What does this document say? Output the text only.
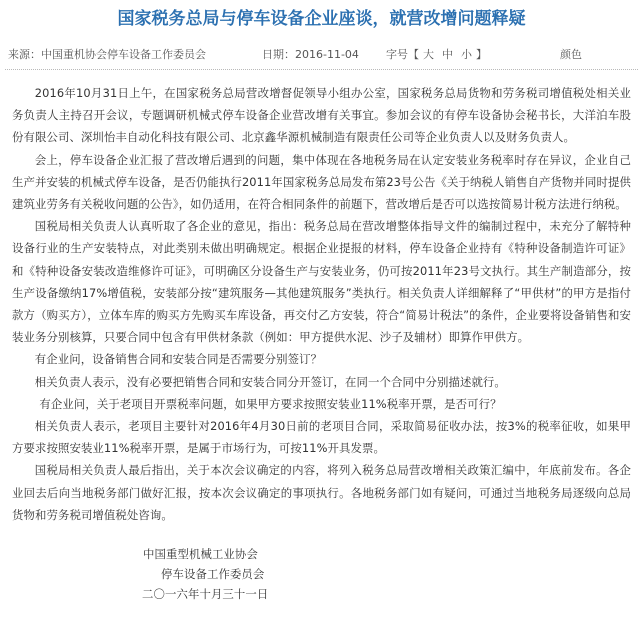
国家税务总局与停车设备企业座谈，就营改增问题释疑
来源：中国重机协会停车设备工作委员会	日期：2016-11-04 字号【 大 中 小 】	颜色

2016年10月31日上午，在国家税务总局营改增督促领导小组办公室，国家税务总局货物和劳务税司增值税处相关业务负责人主持召开会议，专题调研机械式停车设备企业营改增有关事宜。参加会议的有停车设备协会秘书长，大洋泊车股份有限公司、深圳怡丰自动化科技有限公司、北京鑫华源机械制造有限责任公司等企业负责人以及财务负责人。

会上，停车设备企业汇报了营改增后遇到的问题，集中体现在各地税务局在认定安装业务税率时存在异议，企业自己生产并安装的机械式停车设备，是否仍能执行2011年国家税务总局发布第23号公告《关于纳税人销售自产货物并同时提供建筑业劳务有关税收问题的公告》，如仍适用，在符合相同条件的前题下，营改增后是否可以选按简易计税方法进行纳税。

国税局相关负责人认真听取了各企业的意见，指出：税务总局在营改增整体指导文件的编制过程中，未充分了解特种设备行业的生产安装特点，对此类别未做出明确规定。根据企业提报的材料，停车设备企业持有《特种设备制造许可证》和《特种设备安装改造维修许可证》，可明确区分设备生产与安装业务，仍可按2011年23号文执行。其生产制造部分，按生产设备缴纳17%增值税，安装部分按“建筑服务—其他建筑服务”类执行。相关负责人详细解释了“甲供材”的甲方是指付款方（购买方），立体车库的购买方先购买车库设备，再交付乙方安装，符合“简易计税法”的条件，企业要将设备销售和安装业务分别核算，只要合同中包含有甲供材条款（例如：甲方提供水泥、沙子及辅材）即算作甲供方。

有企业问，设备销售合同和安装合同是否需要分别签订？

相关负责人表示，没有必要把销售合同和安装合同分开签订，在同一个合同中分别描述就行。

有企业问，关于老项目开票税率问题，如果甲方要求按照安装业11%税率开票，是否可行？

相关负责人表示，老项目主要针对2016年4月30日前的老项目合同，采取简易征收办法，按3%的税率征收，如果甲方要求按照安装业11%税率开票，是属于市场行为，可按11%开具发票。

国税局相关负责人最后指出，关于本次会议确定的内容，将列入税务总局营改增相关政策汇编中，年底前发布。各企业回去后向当地税务部门做好汇报，按本次会议确定的事项执行。各地税务部门如有疑问，可通过当地税务局逐级向总局货物和劳务税司增值税处咨询。

中国重型机械工业协会
停车设备工作委员会
二〇一六年十月三十一日
